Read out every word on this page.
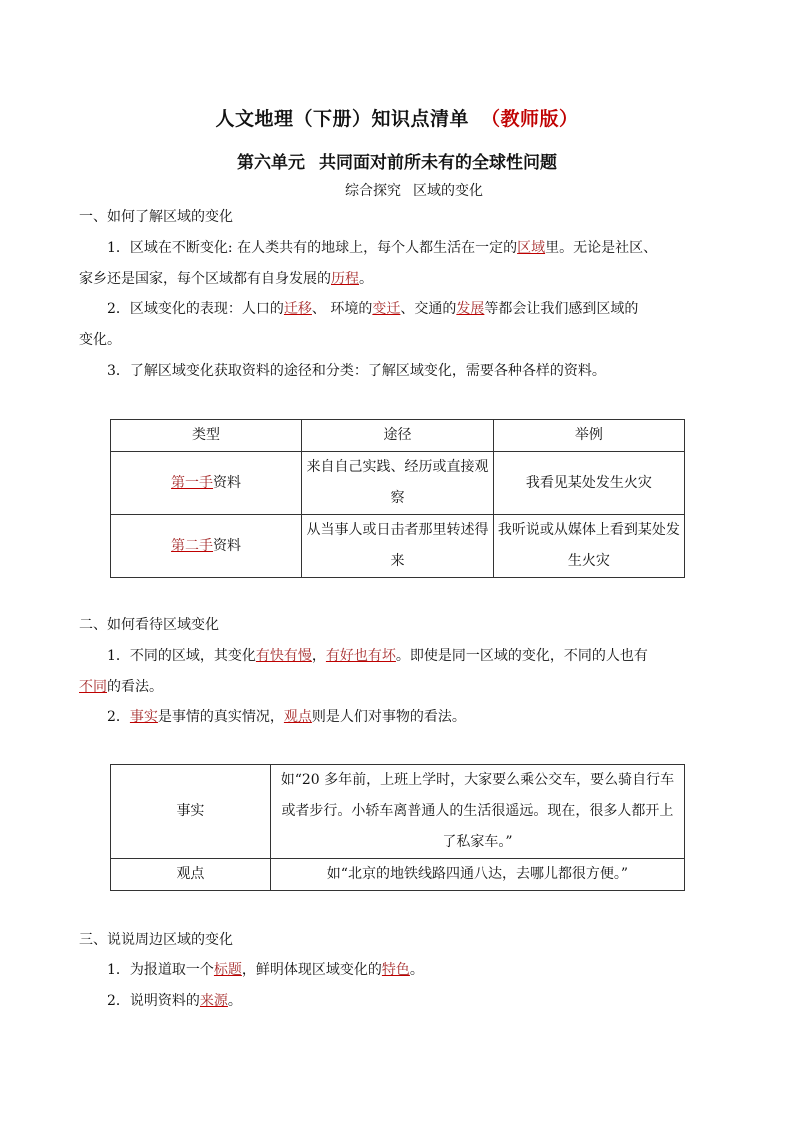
人文地理（下册）知识点清单 （教师版）
第六单元 共同面对前所未有的全球性问题
综合探究 区域的变化
一、如何了解区域的变化
1．区域在不断变化: 在人类共有的地球上，每个人都生活在一定的区域里。无论是社区、
家乡还是国家，每个区域都有自身发展的历程。
2．区域变化的表现：人口的迁移、 环境的变迁、交通的发展等都会让我们感到区域的
变化。
3．了解区域变化获取资料的途径和分类：了解区域变化，需要各种各样的资料。
类型	途径	举例
第一手资料	来自自己实践、经历或直接观察	我看见某处发生火灾
第二手资料	从当事人或日击者那里转述得来	我听说或从媒体上看到某处发生火灾
二、如何看待区域变化
1．不同的区域，其变化有快有慢，有好也有坏。即使是同一区域的变化，不同的人也有
不同的看法。
2．事实是事情的真实情况，观点则是人们对事物的看法。
事实	如“20 多年前，上班上学时，大家要么乘公交车，要么骑自行车或者步行。小轿车离普通人的生活很遥远。现在，很多人都开上了私家车。”
观点	如“北京的地铁线路四通八达，去哪儿都很方便。”
三、说说周边区域的变化
1．为报道取一个标题，鲜明体现区域变化的特色。
2．说明资料的来源。
